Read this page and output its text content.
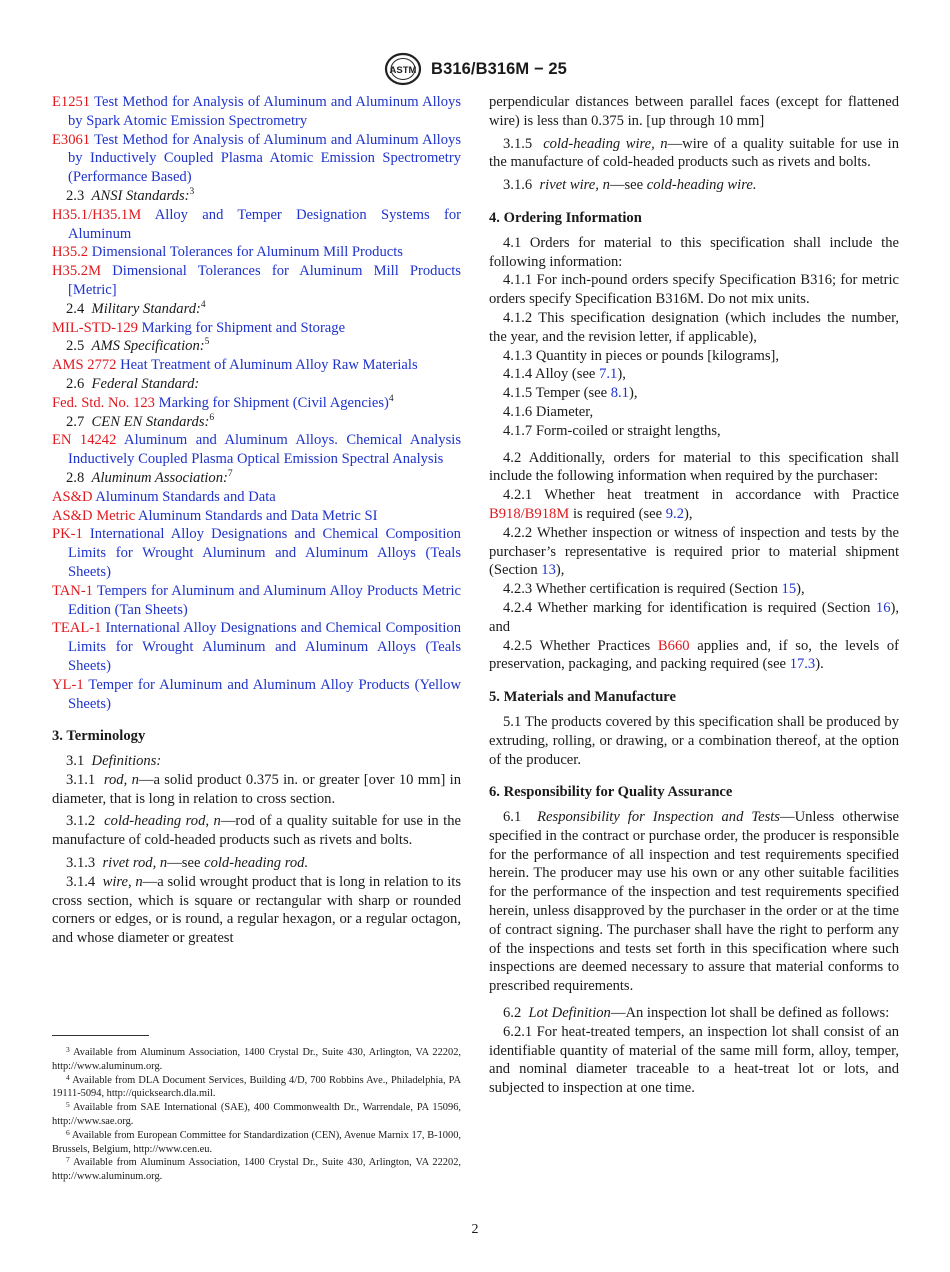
ASTM B316/B316M − 25

E1251 Test Method for Analysis of Aluminum and Aluminum Alloys by Spark Atomic Emission Spectrometry

E3061 Test Method for Analysis of Aluminum and Aluminum Alloys by Inductively Coupled Plasma Atomic Emission Spectrometry (Performance Based)

2.3 ANSI Standards:$^3$

H35.1/H35.1M Alloy and Temper Designation Systems for Aluminum

H35.2 Dimensional Tolerances for Aluminum Mill Products

H35.2M Dimensional Tolerances for Aluminum Mill Products [Metric]

2.4 Military Standard:$^4$

MIL-STD-129 Marking for Shipment and Storage

2.5 AMS Specification:$^5$

AMS 2772 Heat Treatment of Aluminum Alloy Raw Materials

2.6 Federal Standard:

Fed. Std. No. 123 Marking for Shipment (Civil Agencies)$^4$

2.7 CEN EN Standards:$^6$

EN 14242 Aluminum and Aluminum Alloys. Chemical Analysis Inductively Coupled Plasma Optical Emission Spectral Analysis

2.8 Aluminum Association:$^7$

AS&D Aluminum Standards and Data

AS&D Metric Aluminum Standards and Data Metric SI

PK-1 International Alloy Designations and Chemical Composition Limits for Wrought Aluminum and Aluminum Alloys (Teals Sheets)

TAN-1 Tempers for Aluminum and Aluminum Alloy Products Metric Edition (Tan Sheets)

TEAL-1 International Alloy Designations and Chemical Composition Limits for Wrought Aluminum and Aluminum Alloys (Teals Sheets)

YL-1 Temper for Aluminum and Aluminum Alloy Products (Yellow Sheets)

3. Terminology

3.1 Definitions:

3.1.1 rod, n—a solid product 0.375 in. or greater [over 10 mm] in diameter, that is long in relation to cross section.

3.1.2 cold-heading rod, n—rod of a quality suitable for use in the manufacture of cold-headed products such as rivets and bolts.

3.1.3 rivet rod, n—see cold-heading rod.

3.1.4 wire, n—a solid wrought product that is long in relation to its cross section, which is square or rectangular with sharp or rounded corners or edges, or is round, a regular hexagon, or a regular octagon, and whose diameter or greatest

$^3$ Available from Aluminum Association, 1400 Crystal Dr., Suite 430, Arlington, VA 22202, http://www.aluminum.org.

$^4$ Available from DLA Document Services, Building 4/D, 700 Robbins Ave., Philadelphia, PA 19111-5094, http://quicksearch.dla.mil.

$^5$ Available from SAE International (SAE), 400 Commonwealth Dr., Warrendale, PA 15096, http://www.sae.org.

$^6$ Available from European Committee for Standardization (CEN), Avenue Marnix 17, B-1000, Brussels, Belgium, http://www.cen.eu.

$^7$ Available from Aluminum Association, 1400 Crystal Dr., Suite 430, Arlington, VA 22202, http://www.aluminum.org.

perpendicular distances between parallel faces (except for flattened wire) is less than 0.375 in. [up through 10 mm]

3.1.5 cold-heading wire, n—wire of a quality suitable for use in the manufacture of cold-headed products such as rivets and bolts.

3.1.6 rivet wire, n—see cold-heading wire.

4. Ordering Information

4.1 Orders for material to this specification shall include the following information:

4.1.1 For inch-pound orders specify Specification B316; for metric orders specify Specification B316M. Do not mix units.

4.1.2 This specification designation (which includes the number, the year, and the revision letter, if applicable),

4.1.3 Quantity in pieces or pounds [kilograms],

4.1.4 Alloy (see 7.1),

4.1.5 Temper (see 8.1),

4.1.6 Diameter,

4.1.7 Form-coiled or straight lengths,

4.2 Additionally, orders for material to this specification shall include the following information when required by the purchaser:

4.2.1 Whether heat treatment in accordance with Practice B918/B918M is required (see 9.2),

4.2.2 Whether inspection or witness of inspection and tests by the purchaser’s representative is required prior to material shipment (Section 13),

4.2.3 Whether certification is required (Section 15),

4.2.4 Whether marking for identification is required (Section 16), and

4.2.5 Whether Practices B660 applies and, if so, the levels of preservation, packaging, and packing required (see 17.3).

5. Materials and Manufacture

5.1 The products covered by this specification shall be produced by extruding, rolling, or drawing, or a combination thereof, at the option of the producer.

6. Responsibility for Quality Assurance

6.1 Responsibility for Inspection and Tests—Unless otherwise specified in the contract or purchase order, the producer is responsible for the performance of all inspection and test requirements specified herein. The producer may use his own or any other suitable facilities for the performance of the inspection and test requirements specified herein, unless disapproved by the purchaser in the order or at the time of contract signing. The purchaser shall have the right to perform any of the inspections and tests set forth in this specification where such inspections are deemed necessary to assure that material conforms to prescribed requirements.

6.2 Lot Definition—An inspection lot shall be defined as follows:

6.2.1 For heat-treated tempers, an inspection lot shall consist of an identifiable quantity of material of the same mill form, alloy, temper, and nominal diameter traceable to a heat-treat lot or lots, and subjected to inspection at one time.

2
